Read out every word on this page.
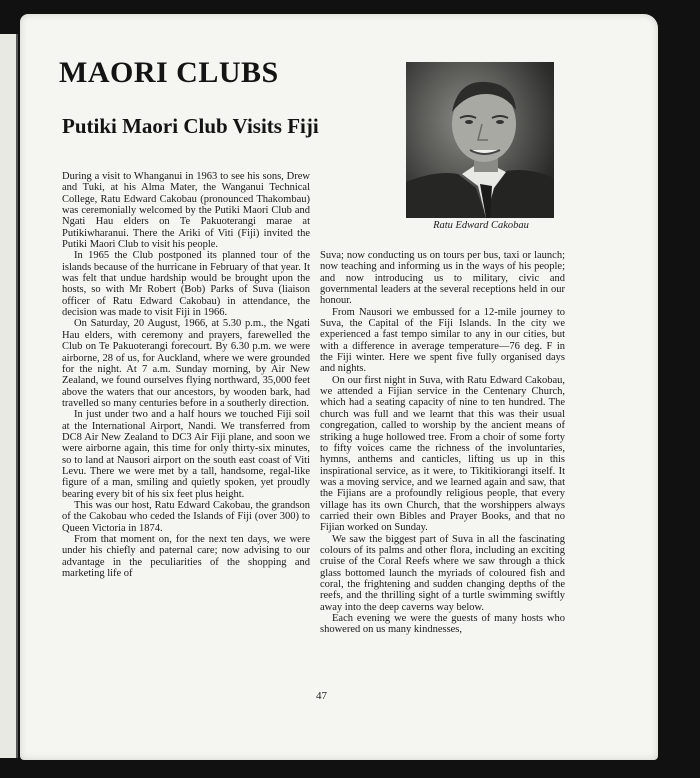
MAORI CLUBS
Putiki Maori Club Visits Fiji

Ratu Edward Cakobau

During a visit to Whanganui in 1963 to see his sons, Drew and Tuki, at his Alma Mater, the Wanganui Technical College, Ratu Edward Cakobau (pronounced Thakombau) was ceremonially welcomed by the Putiki Maori Club and Ngati Hau elders on Te Pakuoterangi marae at Putikiwharanui. There the Ariki of Viti (Fiji) invited the Putiki Maori Club to visit his people.

In 1965 the Club postponed its planned tour of the islands because of the hurricane in February of that year. It was felt that undue hardship would be brought upon the hosts, so with Mr Robert (Bob) Parks of Suva (liaison officer of Ratu Edward Cakobau) in attendance, the decision was made to visit Fiji in 1966.

On Saturday, 20 August, 1966, at 5.30 p.m., the Ngati Hau elders, with ceremony and prayers, farewelled the Club on Te Pakuoterangi forecourt. By 6.30 p.m. we were airborne, 28 of us, for Auckland, where we were grounded for the night. At 7 a.m. Sunday morning, by Air New Zealand, we found ourselves flying northward, 35,000 feet above the waters that our ancestors, by wooden bark, had travelled so many centuries before in a southerly direction.

In just under two and a half hours we touched Fiji soil at the International Airport, Nandi. We transferred from DC8 Air New Zealand to DC3 Air Fiji plane, and soon we were airborne again, this time for only thirty-six minutes, so to land at Nausori airport on the south east coast of Viti Levu. There we were met by a tall, handsome, regal-like figure of a man, smiling and quietly spoken, yet proudly bearing every bit of his six feet plus height.

This was our host, Ratu Edward Cakobau, the grandson of the Cakobau who ceded the Islands of Fiji (over 300) to Queen Victoria in 1874.

From that moment on, for the next ten days, we were under his chiefly and paternal care; now advising to our advantage in the peculiarities of the shopping and marketing life of

Suva; now conducting us on tours per bus, taxi or launch; now teaching and informing us in the ways of his people; and now introducing us to military, civic and governmental leaders at the several receptions held in our honour.

From Nausori we embussed for a 12-mile journey to Suva, the Capital of the Fiji Islands. In the city we experienced a fast tempo similar to any in our cities, but with a difference in average temperature—76 deg. F in the Fiji winter. Here we spent five fully organised days and nights.

On our first night in Suva, with Ratu Edward Cakobau, we attended a Fijian service in the Centenary Church, which had a seating capacity of nine to ten hundred. The church was full and we learnt that this was their usual congregation, called to worship by the ancient means of striking a huge hollowed tree. From a choir of some forty to fifty voices came the richness of the involuntaries, hymns, anthems and canticles, lifting us up in this inspirational service, as it were, to Tikitikiorangi itself. It was a moving service, and we learned again and saw, that the Fijians are a profoundly religious people, that every village has its own Church, that the worshippers always carried their own Bibles and Prayer Books, and that no Fijian worked on Sunday.

We saw the biggest part of Suva in all the fascinating colours of its palms and other flora, including an exciting cruise of the Coral Reefs where we saw through a thick glass bottomed launch the myriads of coloured fish and coral, the frightening and sudden changing depths of the reefs, and the thrilling sight of a turtle swimming swiftly away into the deep caverns way below.

Each evening we were the guests of many hosts who showered on us many kindnesses,

47
